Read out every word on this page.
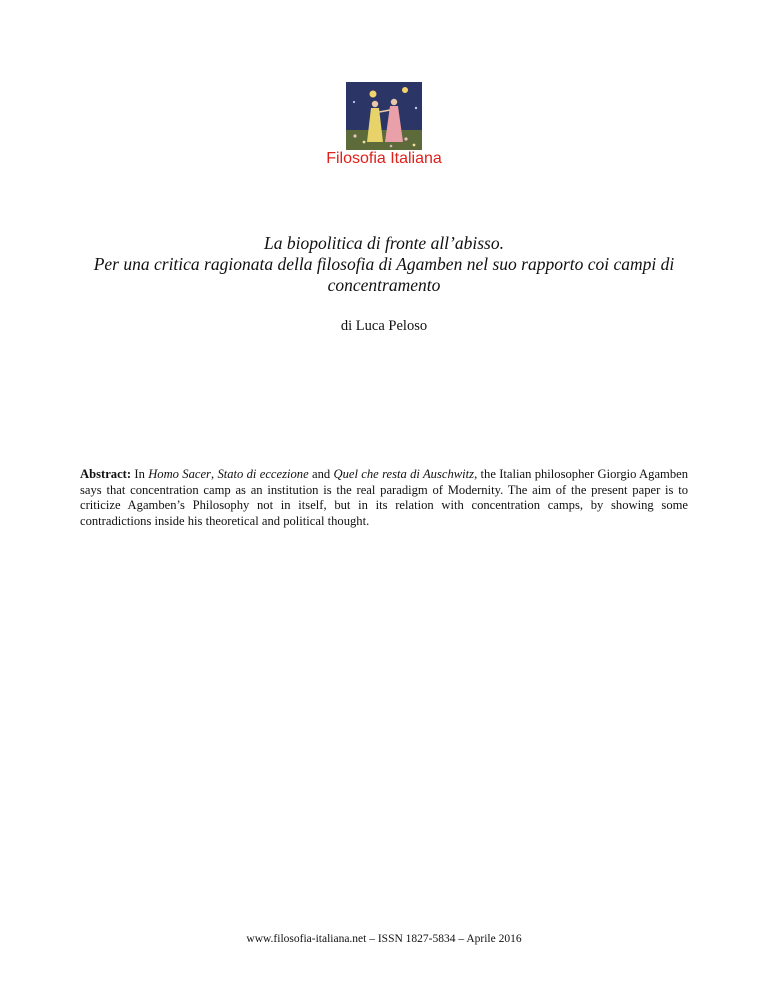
Filosofia Italiana
La biopolitica di fronte all’abisso.
Per una critica ragionata della filosofia di Agamben nel suo rapporto coi campi di
concentramento
di Luca Peloso
Abstract: In Homo Sacer, Stato di eccezione and Quel che resta di Auschwitz, the Italian philosopher Giorgio Agamben says that concentration camp as an institution is the real paradigm of Modernity. The aim of the present paper is to criticize Agamben’s Philosophy not in itself, but in its relation with concentration camps, by showing some contradictions inside his theoretical and political thought.
www.filosofia-italiana.net – ISSN 1827-5834 – Aprile 2016
